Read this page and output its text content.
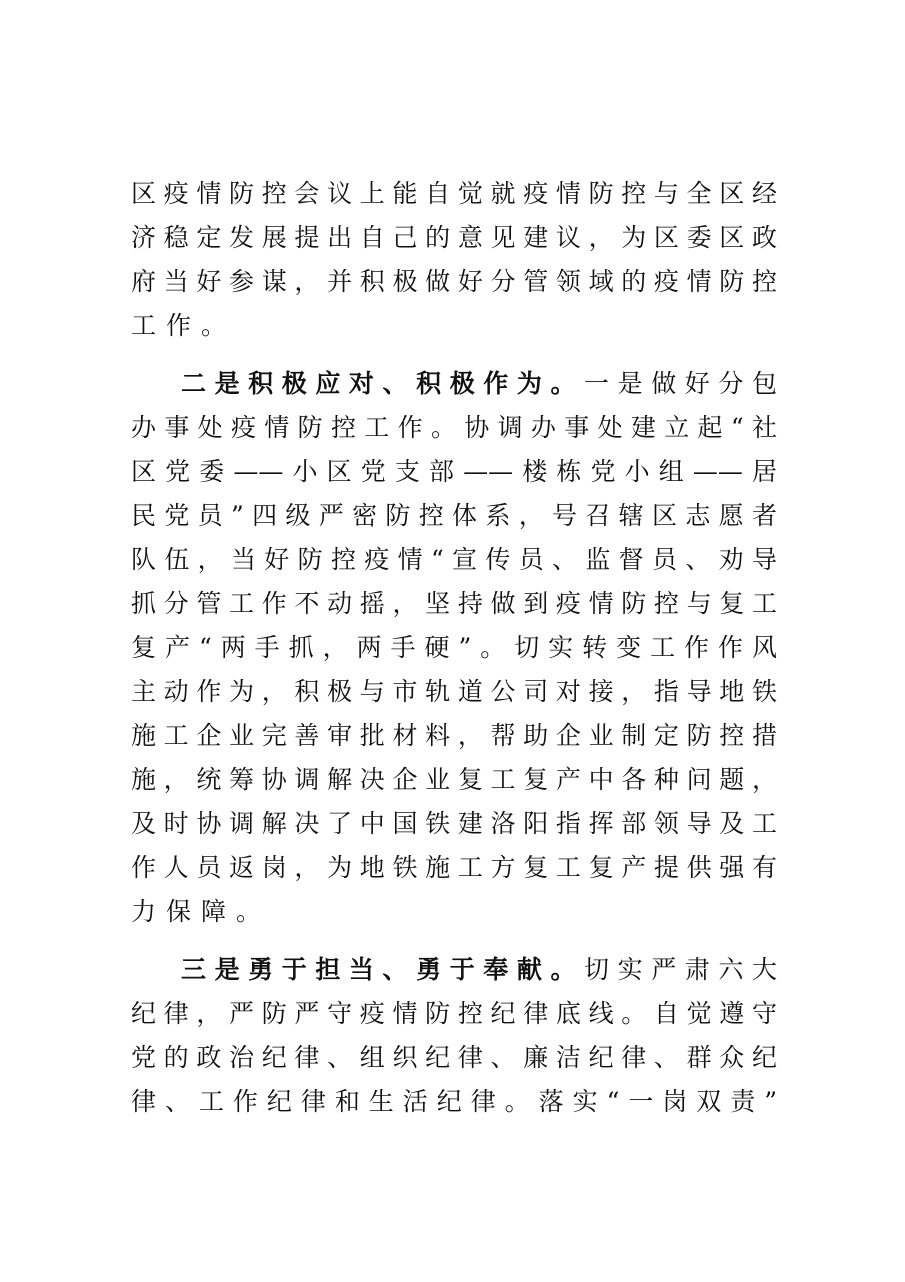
区疫情防控会议上能自觉就疫情防控与全区经
济稳定发展提出自己的意见建议，为区委区政
府当好参谋，并积极做好分管领域的疫情防控
工作。
二是积极应对、积极作为。一是做好分包
办事处疫情防控工作。协调办事处建立起“社
区党委——小区党支部——楼栋党小组——居
民党员”四级严密防控体系，号召辖区志愿者
队伍，当好防控疫情“宣传员、监督员、劝导
抓分管工作不动摇，坚持做到疫情防控与复工
复产“两手抓，两手硬”。切实转变工作作风
主动作为，积极与市轨道公司对接，指导地铁
施工企业完善审批材料，帮助企业制定防控措
施，统筹协调解决企业复工复产中各种问题，
及时协调解决了中国铁建洛阳指挥部领导及工
作人员返岗，为地铁施工方复工复产提供强有
力保障。
三是勇于担当、勇于奉献。切实严肃六大
纪律，严防严守疫情防控纪律底线。自觉遵守
党的政治纪律、组织纪律、廉洁纪律、群众纪
律、工作纪律和生活纪律。落实“一岗双责”
